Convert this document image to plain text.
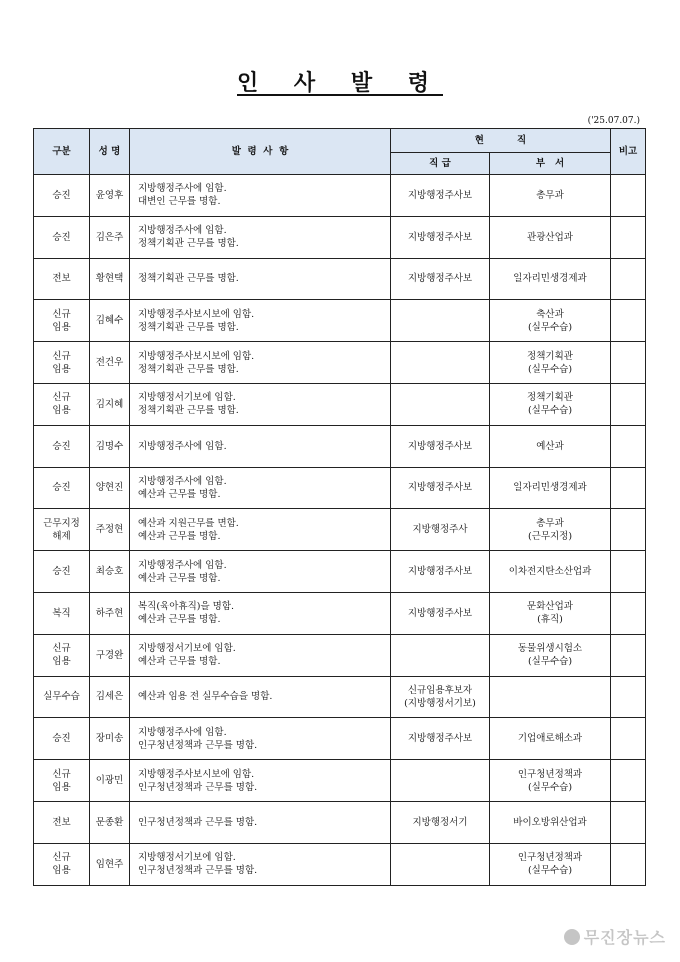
인 사 발 령
('25.07.07.)
구분	성 명	발  령  사  항	현          직		비고
			직 급	부   서	
승진	윤영후	지방행정주사에 임함.
대변인 근무를 명함.	지방행정주사보	총무과	

승진	김은주	지방행정주사에 임함.
정책기획관 근무를 명함.	지방행정주사보	관광산업과	

전보	황현택	정책기획관 근무를 명함.	지방행정주사보	일자리민생경제과	

신규
임용	김혜수	지방행정주사보시보에 임함.
정책기획관 근무를 명함.		축산과
(실무수습)	

신규
임용	전건우	지방행정주사보시보에 임함.
정책기획관 근무를 명함.		정책기획관
(실무수습)	

신규
임용	김지혜	지방행정서기보에 임함.
정책기획관 근무를 명함.		정책기획관
(실무수습)	

승진	김명수	지방행정주사에 임함.	지방행정주사보	예산과	

승진	양현진	지방행정주사에 임함.
예산과 근무를 명함.	지방행정주사보	일자리민생경제과	

근무지정
해제	주정현	예산과 지원근무를 면함.
예산과 근무를 명함.	지방행정주사	총무과
(근무지정)	

승진	최승호	지방행정주사에 임함.
예산과 근무를 명함.	지방행정주사보	이차전지탄소산업과	

복직	하주현	복직(육아휴직)을 명함.
예산과 근무를 명함.	지방행정주사보	문화산업과
(휴직)	

신규
임용	구경완	지방행정서기보에 임함.
예산과 근무를 명함.		동물위생시험소
(실무수습)	

실무수습	김세은	예산과 임용 전 실무수습을 명함.	신규임용후보자
(지방행정서기보)		

승진	장미송	지방행정주사에 임함.
인구청년정책과 근무를 명함.	지방행정주사보	기업애로해소과	

신규
임용	이광민	지방행정주사보시보에 임함.
인구청년정책과 근무를 명함.		인구청년정책과
(실무수습)	

전보	문종환	인구청년정책과 근무를 명함.	지방행정서기	바이오방위산업과	

신규
임용	임현주	지방행정서기보에 임함.
인구청년정책과 근무를 명함.		인구청년정책과
(실무수습)	

무진장뉴스
